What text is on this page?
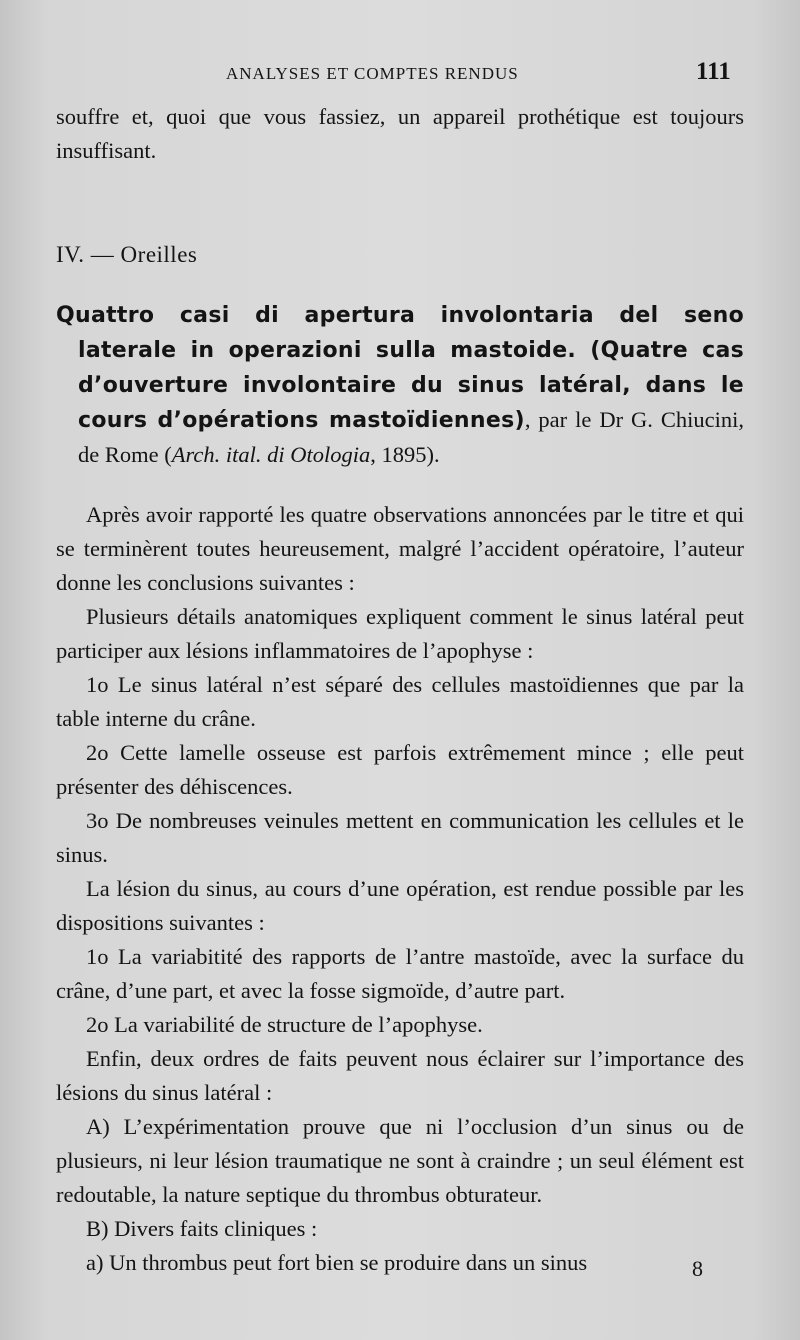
ANALYSES ET COMPTES RENDUS	111

souffre et, quoi que vous fassiez, un appareil prothétique est toujours insuffisant.

IV. — Oreilles

Quattro casi di apertura involontaria del seno laterale in operazioni sulla mastoide. (Quatre cas d’ouverture involontaire du sinus latéral, dans le cours d’opérations mastoïdiennes), par le Dr G. Chiucini, de Rome (Arch. ital. di Otologia, 1895).

Après avoir rapporté les quatre observations annoncées par le titre et qui se terminèrent toutes heureusement, malgré l’accident opératoire, l’auteur donne les conclusions suivantes :

Plusieurs détails anatomiques expliquent comment le sinus latéral peut participer aux lésions inflammatoires de l’apophyse :

1o Le sinus latéral n’est séparé des cellules mastoïdiennes que par la table interne du crâne.

2o Cette lamelle osseuse est parfois extrêmement mince ; elle peut présenter des déhiscences.

3o De nombreuses veinules mettent en communication les cellules et le sinus.

La lésion du sinus, au cours d’une opération, est rendue possible par les dispositions suivantes :

1o La variabitité des rapports de l’antre mastoïde, avec la surface du crâne, d’une part, et avec la fosse sigmoïde, d’autre part.

2o La variabilité de structure de l’apophyse.

Enfin, deux ordres de faits peuvent nous éclairer sur l’importance des lésions du sinus latéral :

A) L’expérimentation prouve que ni l’occlusion d’un sinus ou de plusieurs, ni leur lésion traumatique ne sont à craindre ; un seul élément est redoutable, la nature septique du thrombus obturateur.

B) Divers faits cliniques :

a) Un thrombus peut fort bien se produire dans un sinus	8
